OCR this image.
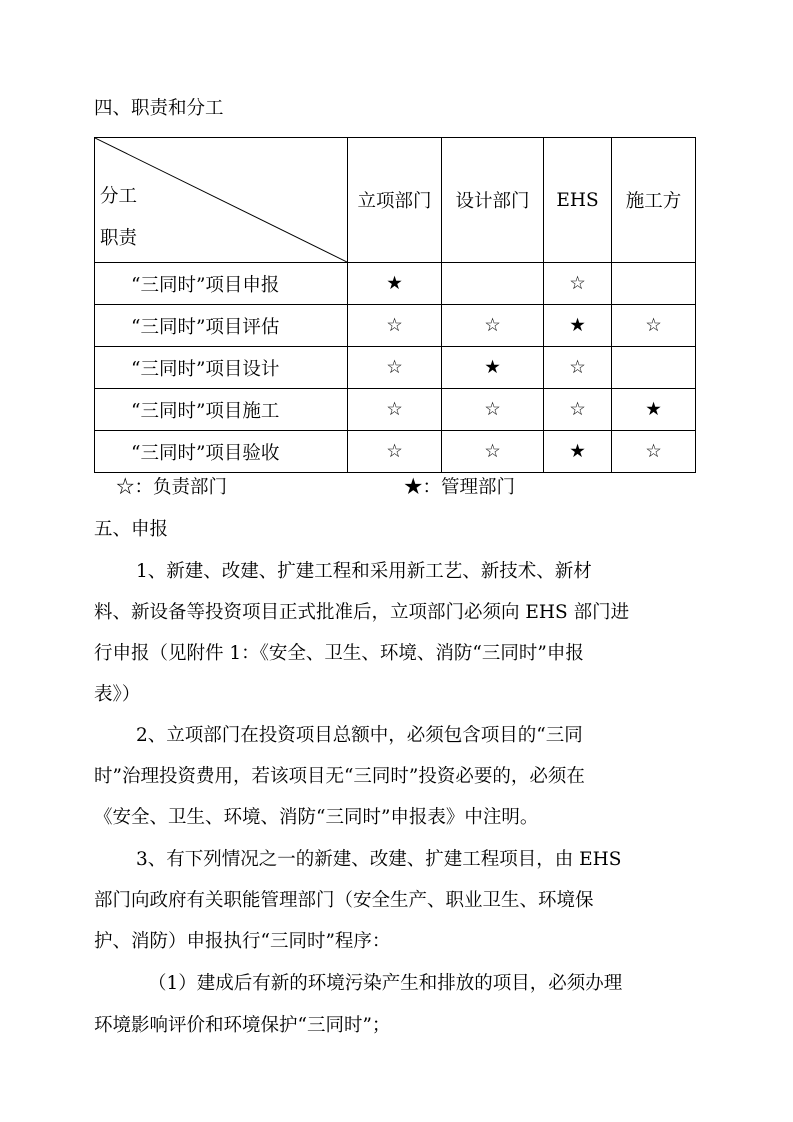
四、职责和分工
分工
职责	立项部门	设计部门	EHS	施工方
“三同时”项目申报	★		☆	
“三同时”项目评估	☆	☆	★	☆
“三同时”项目设计	☆	★	☆	
“三同时”项目施工	☆	☆	☆	★
“三同时”项目验收	☆	☆	★	☆
☆：负责部门	★：管理部门
五、申报
1、新建、改建、扩建工程和采用新工艺、新技术、新材
料、新设备等投资项目正式批准后，立项部门必须向 EHS 部门进
行申报（见附件 1：《安全、卫生、环境、消防“三同时”申报
表》）
2、立项部门在投资项目总额中，必须包含项目的“三同
时”治理投资费用，若该项目无“三同时”投资必要的，必须在
《安全、卫生、环境、消防“三同时”申报表》中注明。
3、有下列情况之一的新建、改建、扩建工程项目，由 EHS
部门向政府有关职能管理部门（安全生产、职业卫生、环境保
护、消防）申报执行“三同时”程序：
（1）建成后有新的环境污染产生和排放的项目，必须办理
环境影响评价和环境保护“三同时”；
